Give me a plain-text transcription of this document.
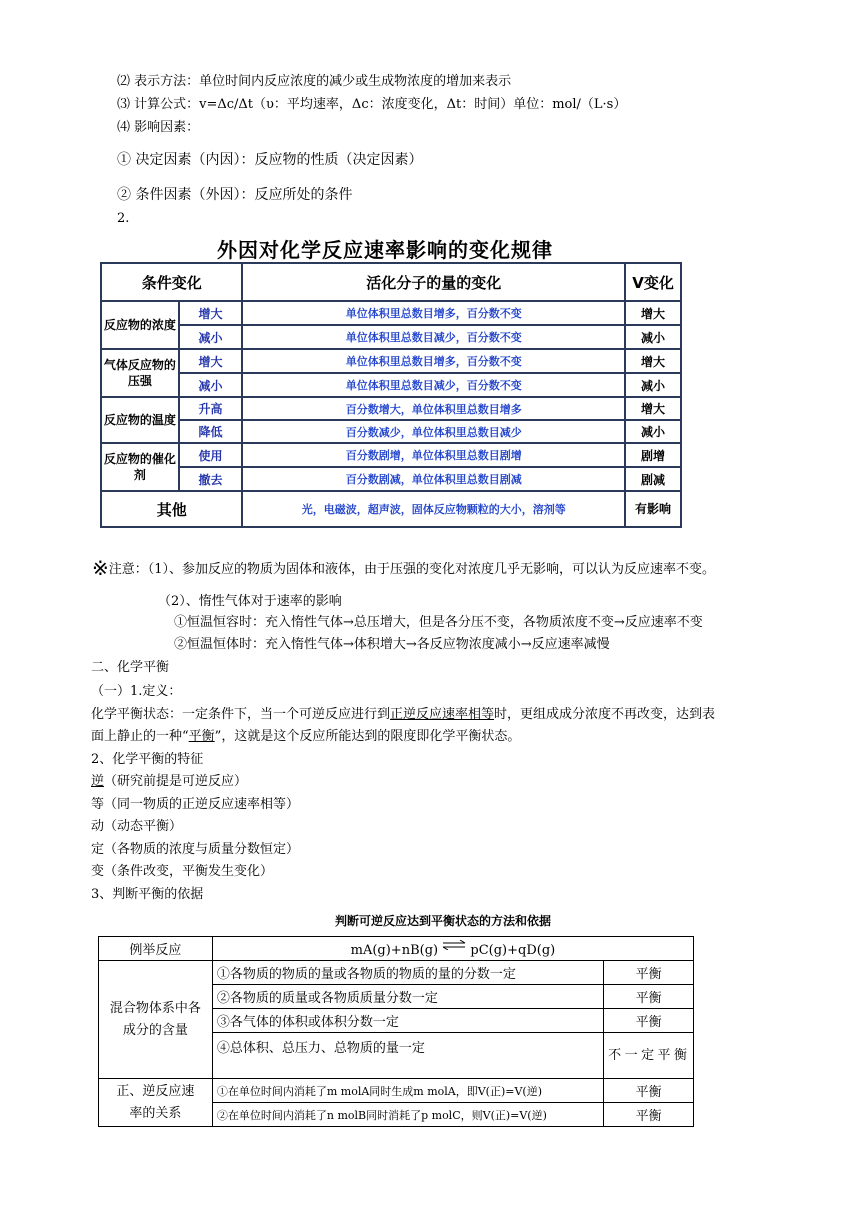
⑵ 表示方法：单位时间内反应浓度的减少或生成物浓度的增加来表示
⑶ 计算公式：v=Δc/Δt（υ：平均速率，Δc：浓度变化，Δt：时间）单位：mol/（L·s）
⑷ 影响因素：
① 决定因素（内因）：反应物的性质（决定因素）
② 条件因素（外因）：反应所处的条件
2.
外因对化学反应速率影响的变化规律
条件变化		活化分子的量的变化	V变化
反应物的浓度	增大	单位体积里总数目增多，百分数不变	增大
	减小	单位体积里总数目减少，百分数不变	减小
气体反应物的压强	增大	单位体积里总数目增多，百分数不变	增大
	减小	单位体积里总数目减少，百分数不变	减小
反应物的温度	升高	百分数增大，单位体积里总数目增多	增大
	降低	百分数减少，单位体积里总数目减少	减小
反应物的催化剂	使用	百分数剧增，单位体积里总数目剧增	剧增
	撤去	百分数剧减，单位体积里总数目剧减	剧减
其他		光，电磁波，超声波，固体反应物颗粒的大小，溶剂等	有影响
※注意：（1）、参加反应的物质为固体和液体，由于压强的变化对浓度几乎无影响，可以认为反应速率不变。
（2）、惰性气体对于速率的影响
①恒温恒容时：充入惰性气体→总压增大，但是各分压不变，各物质浓度不变→反应速率不变
②恒温恒体时：充入惰性气体→体积增大→各反应物浓度减小→反应速率减慢
二、化学平衡
（一）1.定义：
化学平衡状态：一定条件下，当一个可逆反应进行到正逆反应速率相等时，更组成成分浓度不再改变，达到表
面上静止的一种“平衡”，这就是这个反应所能达到的限度即化学平衡状态。
2、化学平衡的特征
逆（研究前提是可逆反应）
等（同一物质的正逆反应速率相等）
动（动态平衡）
定（各物质的浓度与质量分数恒定）
变（条件改变，平衡发生变化）
3、判断平衡的依据
判断可逆反应达到平衡状态的方法和依据
例举反应	mA(g)+nB(g) ⇌ pC(g)+qD(g)	
混合物体系中各成分的含量	①各物质的物质的量或各物质的物质的量的分数一定	平衡
	②各物质的质量或各物质质量分数一定	平衡
	③各气体的体积或体积分数一定	平衡
	④总体积、总压力、总物质的量一定	不一定平衡
正、逆反应速率的关系	①在单位时间内消耗了m molA同时生成m molA，即V(正)=V(逆)	平衡
	②在单位时间内消耗了n molB同时消耗了p molC，则V(正)=V(逆)	平衡
